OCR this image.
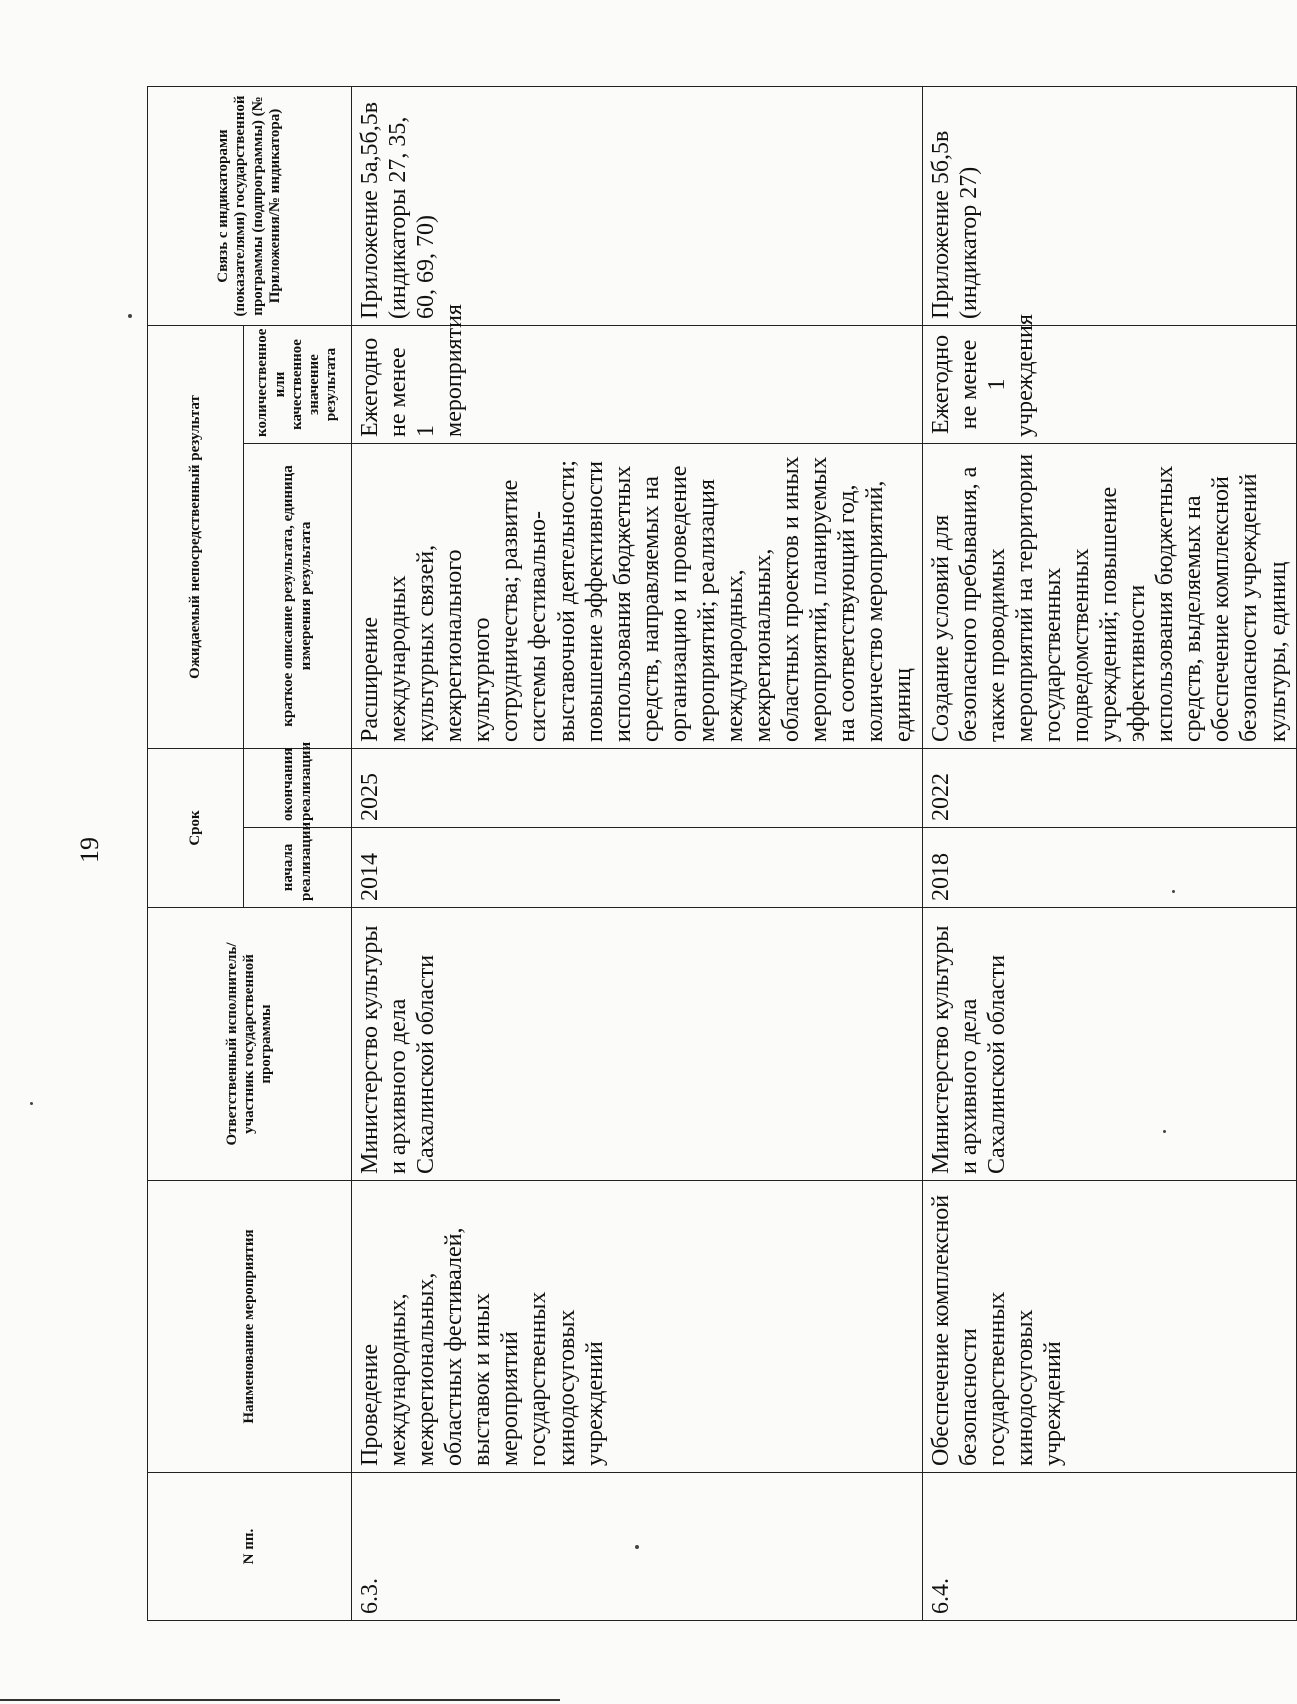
19
N пп.	Наименование мероприятия	Ответственный исполнитель/участник государственной программы	Срок		Ожидаемый непосредственный результат		Связь с индикаторами (показателями) государственной программы (подпрограммы) (№ Приложения/№ индикатора)
			начала реализации	окончания реализации	краткое описание результата, единица измерения результата	количественное или качественное значение результата	
6.3.	Проведение международных, межрегиональных, областных фестивалей, выставок и иных мероприятий государственных кинодосуговых учреждений	Министерство культуры и архивного дела Сахалинской области	2014	2025	Расширение международных культурных связей, межрегионального культурного сотрудничества; развитие системы фестивально-выставочной деятельности; повышение эффективности использования бюджетных средств, направляемых на организацию и проведение мероприятий; реализация международных, межрегиональных, областных проектов и иных мероприятий, планируемых на соответствующий год, количество мероприятий, единиц	Ежегодно не менее 1 мероприятия	Приложение 5а,5б,5в (индикаторы 27, 35, 60, 69, 70)
6.4.	Обеспечение комплексной безопасности государственных кинодосуговых учреждений	Министерство культуры и архивного дела Сахалинской области	2018	2022	Создание условий для безопасного пребывания, а также проводимых мероприятий на территории государственных подведомственных учреждений; повышение эффективности использования бюджетных средств, выделяемых на обеспечение комплексной безопасности учреждений культуры, единиц	Ежегодно не менее 1 учреждения	Приложение 5б,5в (индикатор 27)
